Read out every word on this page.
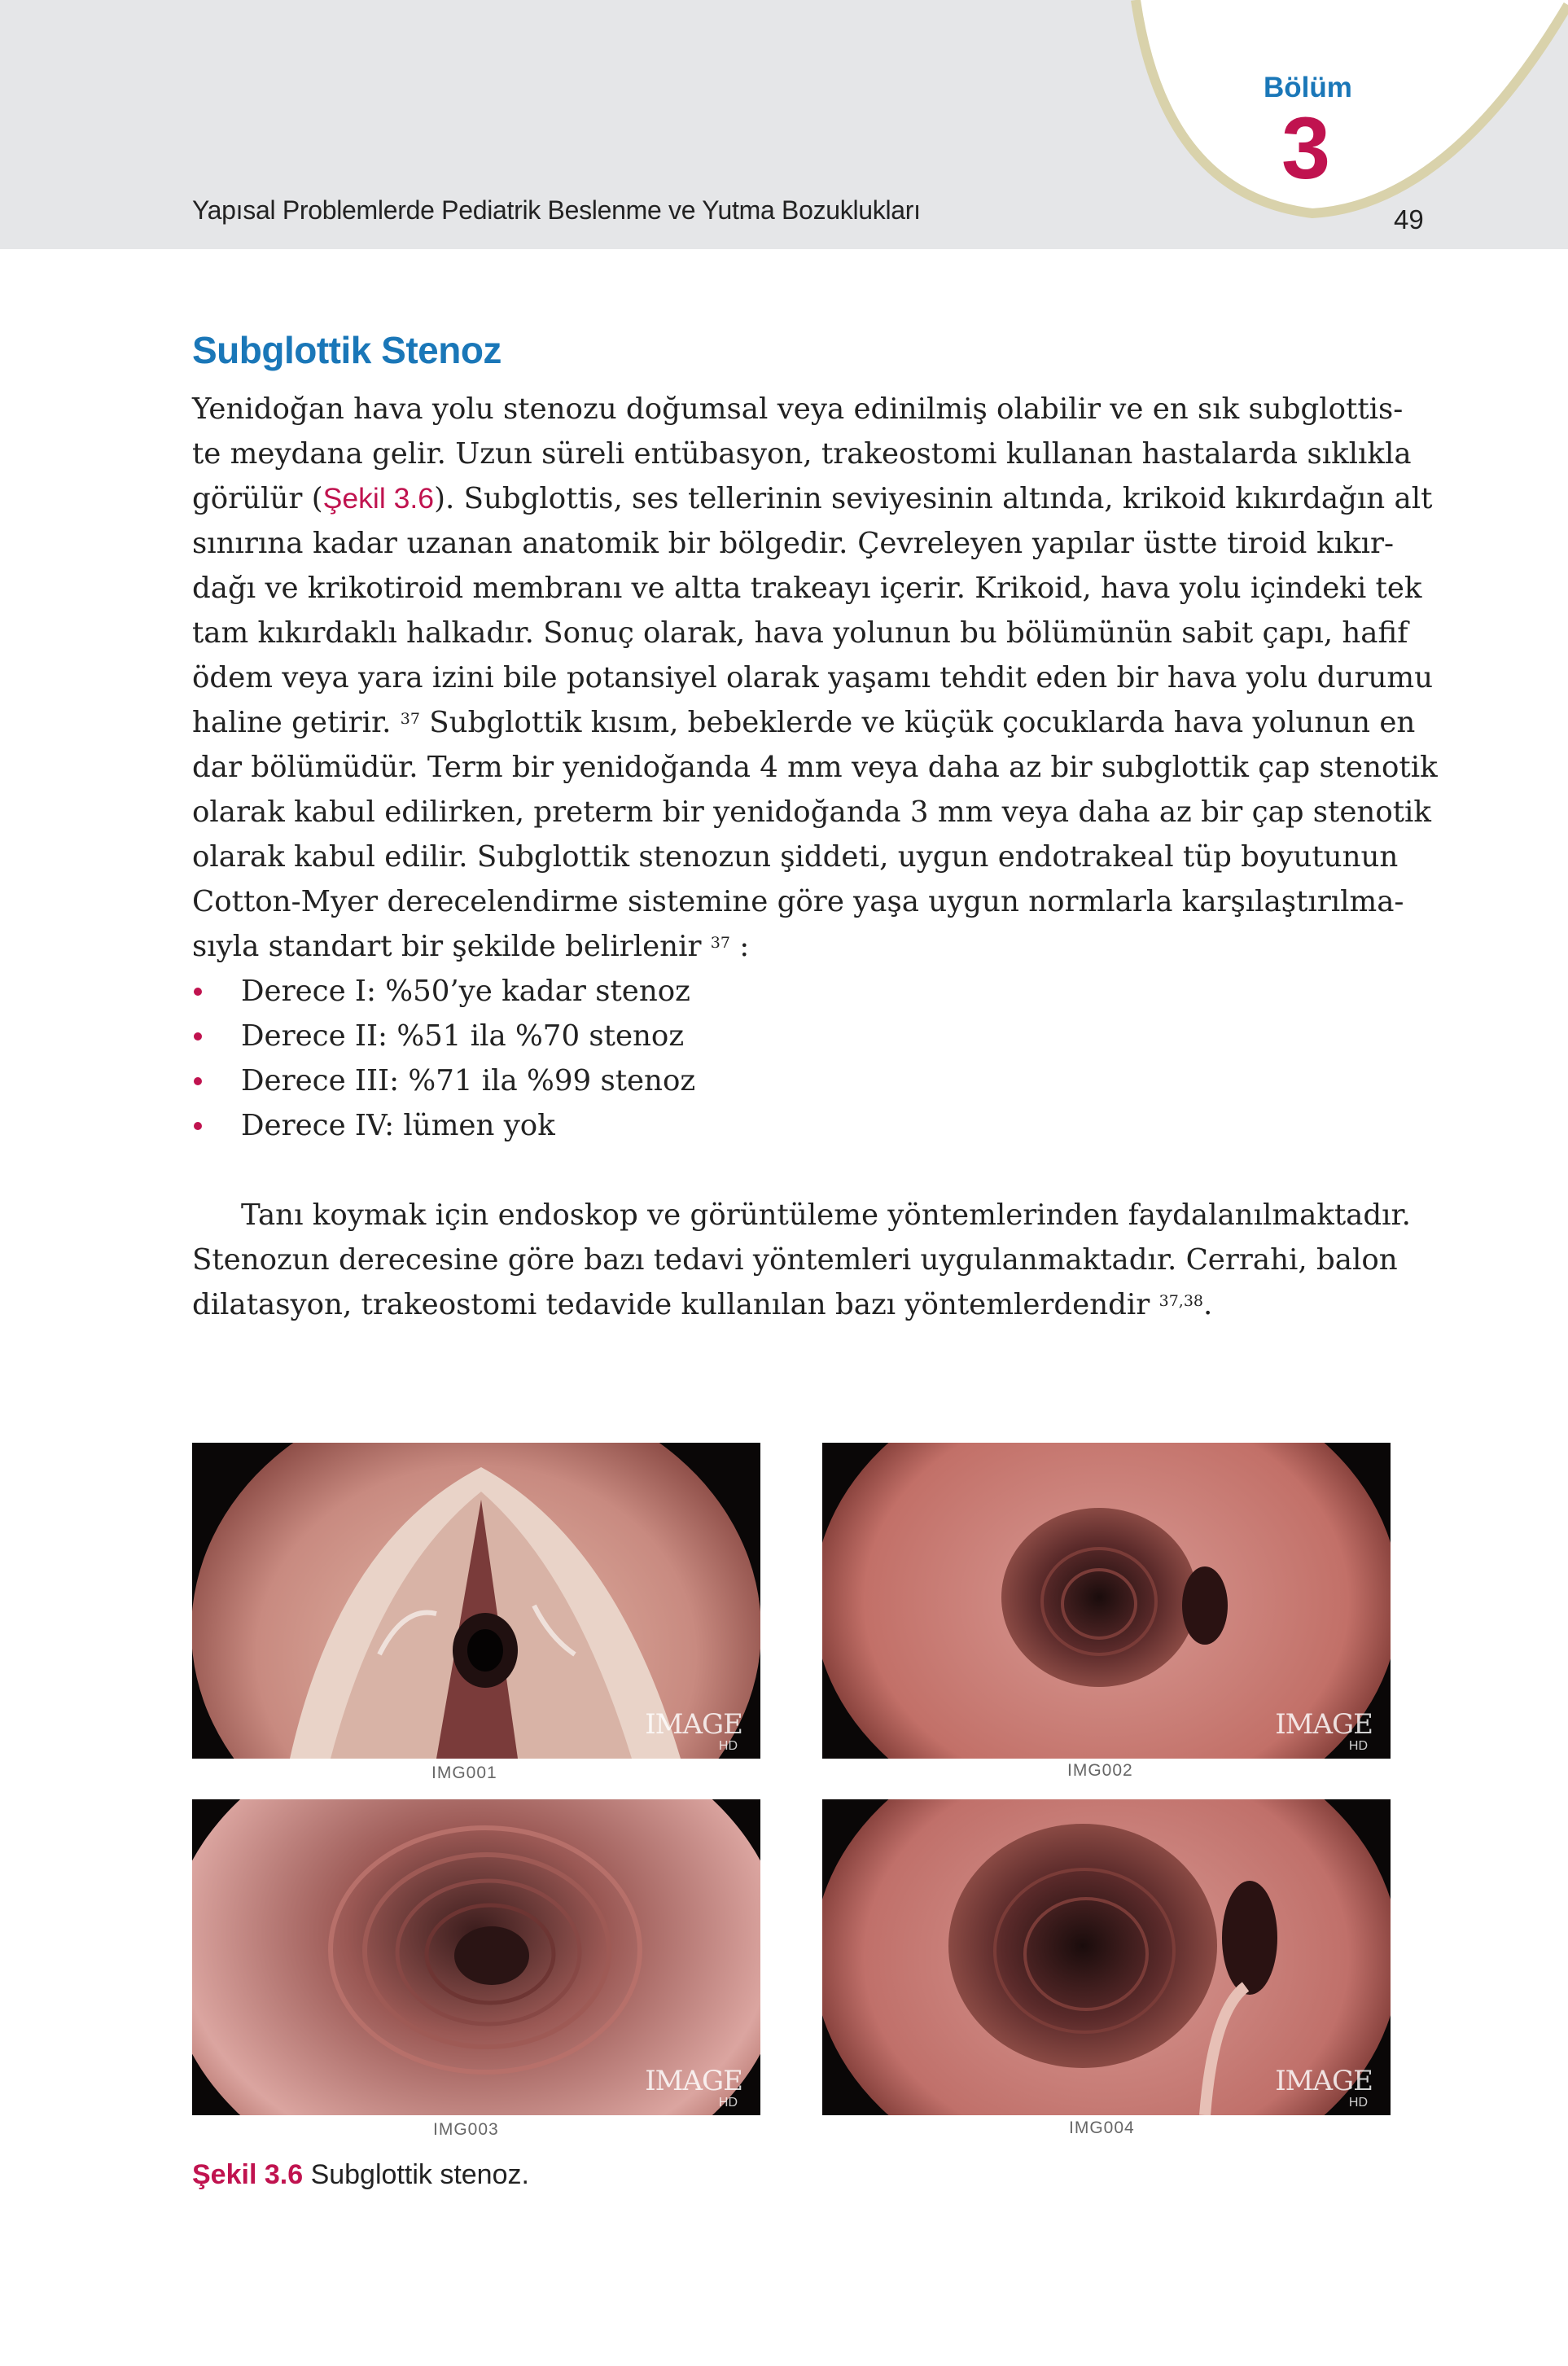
Bölüm
3
Yapısal Problemlerde Pediatrik Beslenme ve Yutma Bozuklukları	49
Subglottik Stenoz
Yenidoğan hava yolu stenozu doğumsal veya edinilmiş olabilir ve en sık subglottis-
te meydana gelir. Uzun süreli entübasyon, trakeostomi kullanan hastalarda sıklıkla
görülür (Şekil 3.6). Subglottis, ses tellerinin seviyesinin altında, krikoid kıkırdağın alt
sınırına kadar uzanan anatomik bir bölgedir. Çevreleyen yapılar üstte tiroid kıkır-
dağı ve krikotiroid membranı ve altta trakeayı içerir. Krikoid, hava yolu içindeki tek
tam kıkırdaklı halkadır. Sonuç olarak, hava yolunun bu bölümünün sabit çapı, hafif
ödem veya yara izini bile potansiyel olarak yaşamı tehdit eden bir hava yolu durumu
haline getirir. $^{37}$ Subglottik kısım, bebeklerde ve küçük çocuklarda hava yolunun en
dar bölümüdür. Term bir yenidoğanda 4 mm veya daha az bir subglottik çap stenotik
olarak kabul edilirken, preterm bir yenidoğanda 3 mm veya daha az bir çap stenotik
olarak kabul edilir. Subglottik stenozun şiddeti, uygun endotrakeal tüp boyutunun
Cotton-Myer derecelendirme sistemine göre yaşa uygun normlarla karşılaştırılma-
sıyla standart bir şekilde belirlenir $^{37}$ :
Derece I: %50’ye kadar stenoz
Derece II: %51 ila %70 stenoz
Derece III: %71 ila %99 stenoz
Derece IV: lümen yok
Tanı koymak için endoskop ve görüntüleme yöntemlerinden faydalanılmaktadır.
Stenozun derecesine göre bazı tedavi yöntemleri uygulanmaktadır. Cerrahi, balon
dilatasyon, trakeostomi tedavide kullanılan bazı yöntemlerdendir $^{37,38}$.
IMAGE
HD
IMG001
IMAGE
HD
IMG002
IMAGE
HD
IMG003
IMAGE
HD
IMG004
Şekil 3.6 Subglottik stenoz.
